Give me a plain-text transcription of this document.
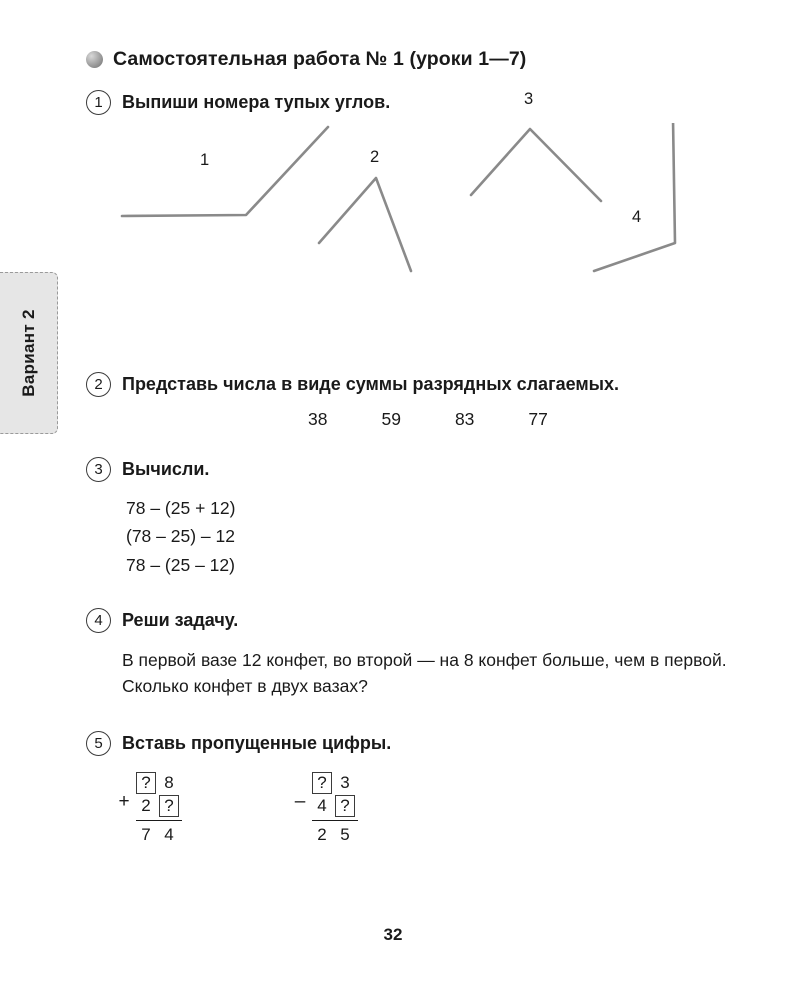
Вариант 2
Самостоятельная работа № 1 (уроки 1—7)
1	Выпиши номера тупых углов.
1	2
3
4
2	Представь числа в виде суммы разрядных слагаемых.
38	59	83	77
3	Вычисли.
78 – (25 + 12)
(78 – 25) – 12
78 – (25 – 12)
4	Реши задачу.
В первой вазе 12 конфет, во второй — на 8 конфет больше, чем в первой. Сколько конфет в двух вазах?
5	Вставь пропущенные цифры.
+
? 8
2 ?
7 4
–
? 3
4 ?
2 5
32
